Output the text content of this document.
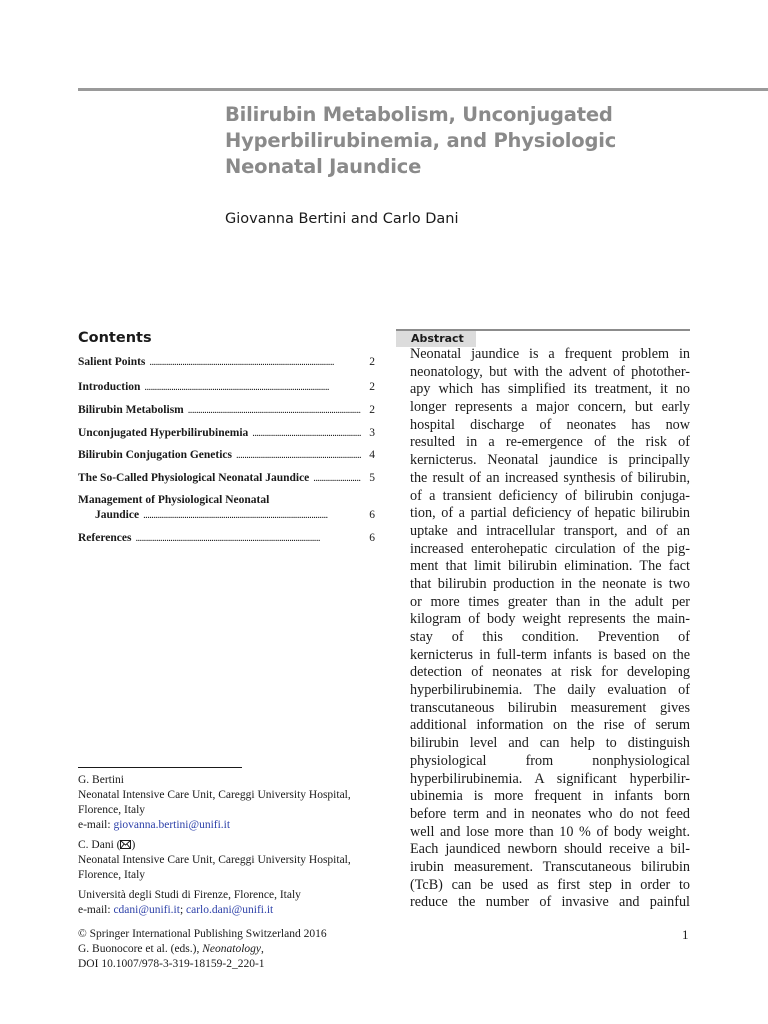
Bilirubin Metabolism, Unconjugated
Hyperbilirubinemia, and Physiologic
Neonatal Jaundice
Giovanna Bertini and Carlo Dani
Contents
Salient Points . . .	2
Introduction . . .	2
Bilirubin Metabolism . . .	2
Unconjugated Hyperbilirubinemia . . .	3
Bilirubin Conjugation Genetics . . .	4
The So-Called Physiological Neonatal Jaundice . . .	5
Management of Physiological Neonatal
Jaundice . . .	6
References . . .	6
Abstract
Neonatal jaundice is a frequent problem in
neonatology, but with the advent of photother-
apy which has simplified its treatment, it no
longer represents a major concern, but early
hospital discharge of neonates has now
resulted in a re-emergence of the risk of
kernicterus. Neonatal jaundice is principally
the result of an increased synthesis of bilirubin,
of a transient deficiency of bilirubin conjuga-
tion, of a partial deficiency of hepatic bilirubin
uptake and intracellular transport, and of an
increased enterohepatic circulation of the pig-
ment that limit bilirubin elimination. The fact
that bilirubin production in the neonate is two
or more times greater than in the adult per
kilogram of body weight represents the main-
stay of this condition. Prevention of
kernicterus in full-term infants is based on the
detection of neonates at risk for developing
hyperbilirubinemia. The daily evaluation of
transcutaneous bilirubin measurement gives
additional information on the rise of serum
bilirubin level and can help to distinguish
physiological from nonphysiological
hyperbilirubinemia. A significant hyperbilir-
ubinemia is more frequent in infants born
before term and in neonates who do not feed
well and lose more than 10 % of body weight.
Each jaundiced newborn should receive a bil-
irubin measurement. Transcutaneous bilirubin
(TcB) can be used as first step in order to
reduce the number of invasive and painful
G. Bertini
Neonatal Intensive Care Unit, Careggi University Hospital,
Florence, Italy
e-mail: giovanna.bertini@unifi.it
C. Dani ( )
Neonatal Intensive Care Unit, Careggi University Hospital,
Florence, Italy
Università degli Studi di Firenze, Florence, Italy
e-mail: cdani@unifi.it; carlo.dani@unifi.it
© Springer International Publishing Switzerland 2016
G. Buonocore et al. (eds.), Neonatology,
DOI 10.1007/978-3-319-18159-2_220-1
1
